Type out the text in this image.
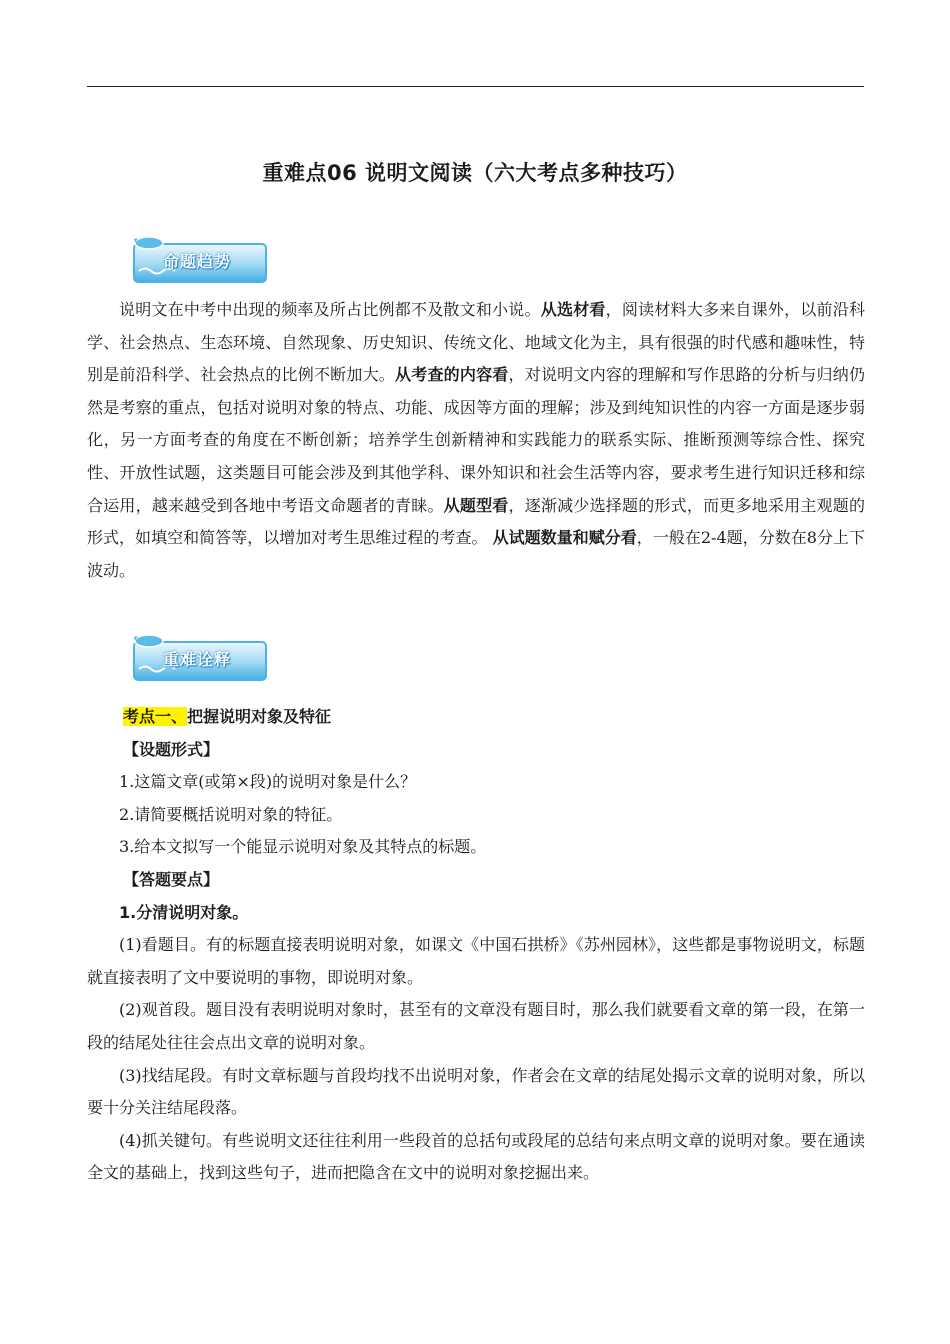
重难点06 说明文阅读（六大考点多种技巧）
命题趋势

说明文在中考中出现的频率及所占比例都不及散文和小说。从选材看，阅读材料大多来自课外，以前沿科学、社会热点、生态环境、自然现象、历史知识、传统文化、地域文化为主，具有很强的时代感和趣味性，特别是前沿科学、社会热点的比例不断加大。从考查的内容看，对说明文内容的理解和写作思路的分析与归纳仍然是考察的重点，包括对说明对象的特点、功能、成因等方面的理解；涉及到纯知识性的内容一方面是逐步弱化，另一方面考查的角度在不断创新；培养学生创新精神和实践能力的联系实际、推断预测等综合性、探究性、开放性试题，这类题目可能会涉及到其他学科、课外知识和社会生活等内容，要求考生进行知识迁移和综合运用，越来越受到各地中考语文命题者的青睐。从题型看，逐渐减少选择题的形式，而更多地采用主观题的形式，如填空和简答等，以增加对考生思维过程的考查。 从试题数量和赋分看，一般在2-4题，分数在8分上下波动。

重难诠释

考点一、把握说明对象及特征

【设题形式】

1.这篇文章(或第×段)的说明对象是什么？

2.请简要概括说明对象的特征。

3.给本文拟写一个能显示说明对象及其特点的标题。

【答题要点】

1.分清说明对象。

(1)看题目。有的标题直接表明说明对象，如课文《中国石拱桥》《苏州园林》，这些都是事物说明文，标题就直接表明了文中要说明的事物，即说明对象。

(2)观首段。题目没有表明说明对象时，甚至有的文章没有题目时，那么我们就要看文章的第一段，在第一段的结尾处往往会点出文章的说明对象。

(3)找结尾段。有时文章标题与首段均找不出说明对象，作者会在文章的结尾处揭示文章的说明对象，所以要十分关注结尾段落。

(4)抓关键句。有些说明文还往往利用一些段首的总括句或段尾的总结句来点明文章的说明对象。要在通读全文的基础上，找到这些句子，进而把隐含在文中的说明对象挖掘出来。
